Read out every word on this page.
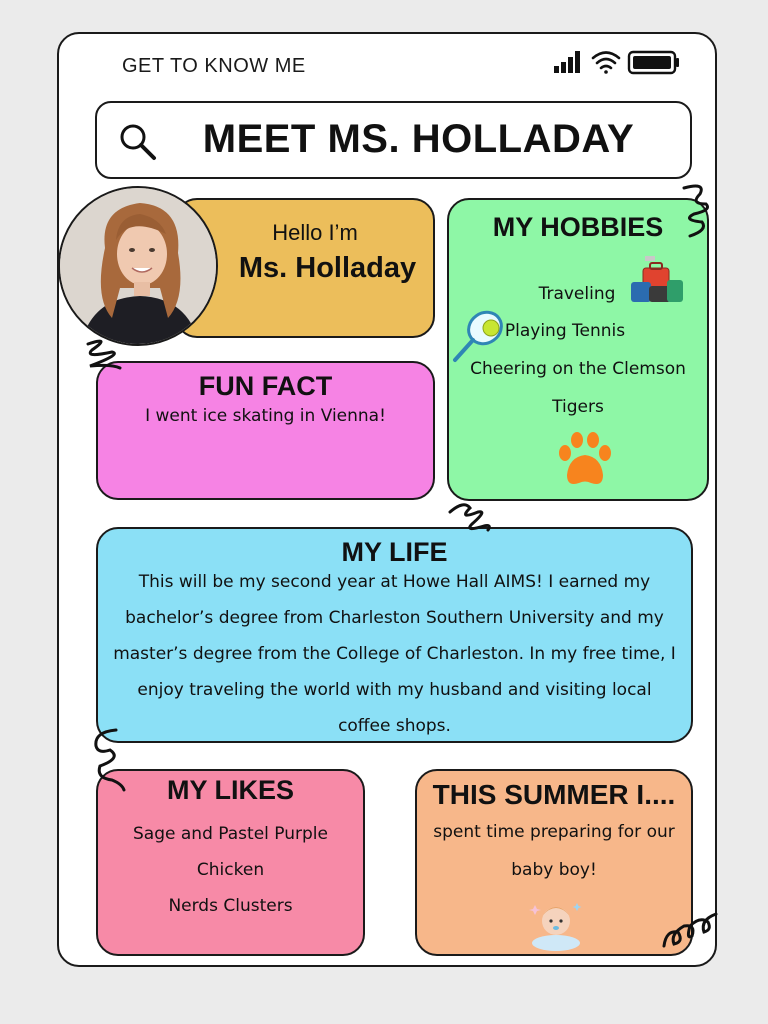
GET TO KNOW ME
MEET MS. HOLLADAY
Hello I’m
Ms. Holladay
FUN FACT
I went ice skating in Vienna!
MY HOBBIES
Traveling
Playing Tennis
Cheering on the Clemson
Tigers
MY LIFE
This will be my second year at Howe Hall AIMS! I earned my bachelor’s degree from Charleston Southern University and my master’s degree from the College of Charleston. In my free time, I enjoy traveling the world with my husband and visiting local coffee shops.
MY LIKES
Sage and Pastel Purple
Chicken
Nerds Clusters
THIS SUMMER I....
spent time preparing for our baby boy!
